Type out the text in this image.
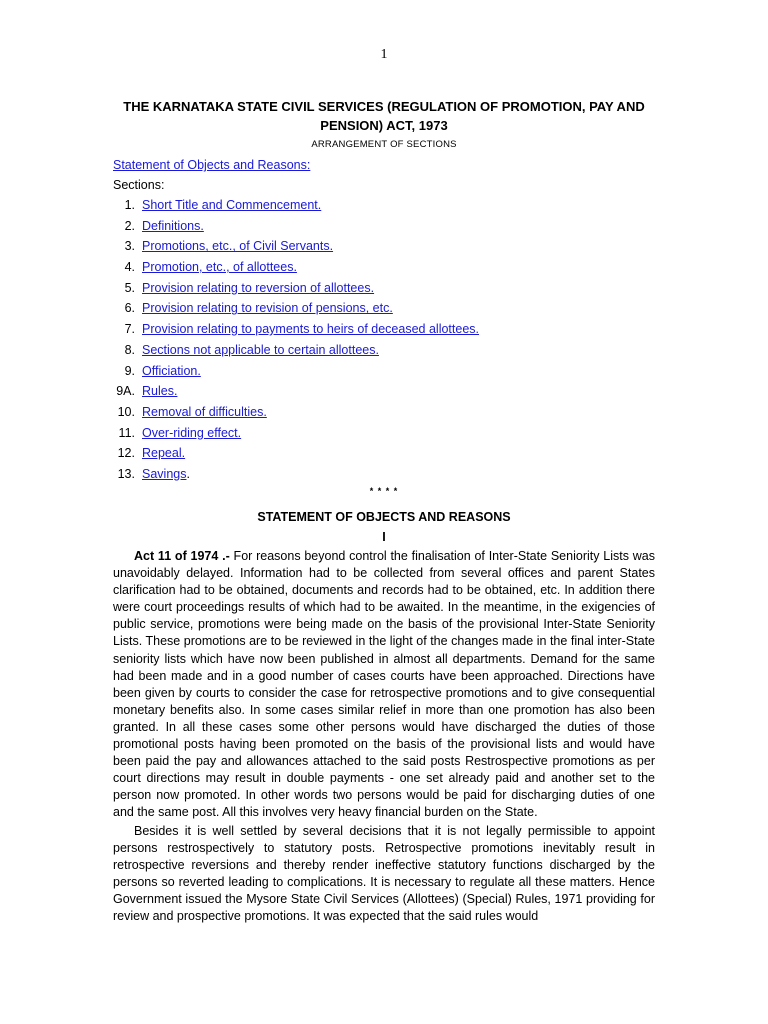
1
THE KARNATAKA STATE CIVIL SERVICES (REGULATION OF PROMOTION, PAY AND PENSION) ACT, 1973
ARRANGEMENT OF SECTIONS
Statement of Objects and Reasons:
Sections:
1. Short Title and Commencement.
2. Definitions.
3. Promotions, etc., of Civil Servants.
4. Promotion, etc., of allottees.
5. Provision relating to reversion of allottees.
6. Provision relating to revision of pensions, etc.
7. Provision relating to payments to heirs of deceased allottees.
8. Sections not applicable to certain allottees.
9. Officiation.
9A. Rules.
10. Removal of difficulties.
11. Over-riding effect.
12. Repeal.
13. Savings .
* * * *
STATEMENT OF OBJECTS AND REASONS
I

Act 11 of 1974 .- For reasons beyond control the finalisation of Inter-State Seniority Lists was unavoidably delayed. Information had to be collected from several offices and parent States clarification had to be obtained, documents and records had to be obtained, etc. In addition there were court proceedings results of which had to be awaited. In the meantime, in the exigencies of public service, promotions were being made on the basis of the provisional Inter-State Seniority Lists. These promotions are to be reviewed in the light of the changes made in the final inter-State seniority lists which have now been published in almost all departments. Demand for the same had been made and in a good number of cases courts have been approached. Directions have been given by courts to consider the case for retrospective promotions and to give consequential monetary benefits also. In some cases similar relief in more than one promotion has also been granted. In all these cases some other persons would have discharged the duties of those promotional posts having been promoted on the basis of the provisional lists and would have been paid the pay and allowances attached to the said posts Restrospective promotions as per court directions may result in double payments - one set already paid and another set to the person now promoted. In other words two persons would be paid for discharging duties of one and the same post. All this involves very heavy financial burden on the State.

Besides it is well settled by several decisions that it is not legally permissible to appoint persons restrospectively to statutory posts. Retrospective promotions inevitably result in retrospective reversions and thereby render ineffective statutory functions discharged by the persons so reverted leading to complications. It is necessary to regulate all these matters. Hence Government issued the Mysore State Civil Services (Allottees) (Special) Rules, 1971 providing for review and prospective promotions. It was expected that the said rules would
